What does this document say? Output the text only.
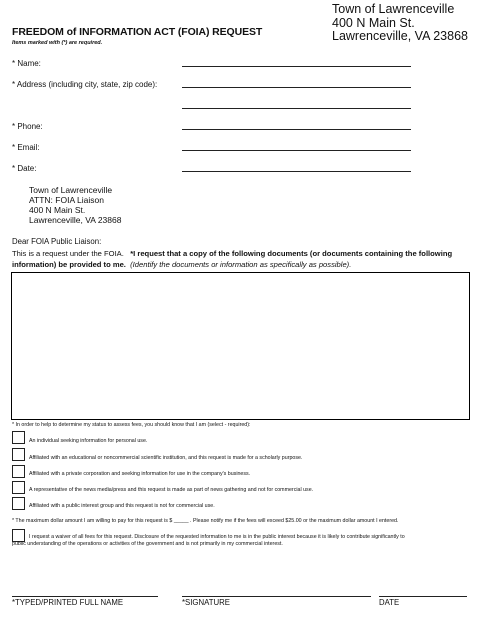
FREEDOM of INFORMATION ACT (FOIA) REQUEST
Items marked with (*) are required.
Town of Lawrenceville
400 N Main St.
Lawrenceville, VA 23868
* Name:
* Address (including city, state, zip code):
* Phone:
* Email:
* Date:
Town of Lawrenceville
ATTN: FOIA Liaison
400 N Main St.
Lawrenceville, VA 23868
Dear FOIA Public Liaison:
This is a request under the FOIA. *I request that a copy of the following documents (or documents containing the following information) be provided to me. (Identify the documents or information as specifically as possible).
* In order to help to determine my status to assess fees, you should know that I am (select - required):
An individual seeking information for personal use.
Affiliated with an educational or noncommercial scientific institution, and this request is made for a scholarly purpose.
Affiliated with a private corporation and seeking information for use in the company's business.
A representative of the news media/press and this request is made as part of news gathering and not for commercial use.
Affiliated with a public interest group and this request is not for commercial use.
* The maximum dollar amount I am willing to pay for this request is $ _____ . Please notify me if the fees will exceed $25.00 or the maximum dollar amount I entered.
I request a waiver of all fees for this request. Disclosure of the requested information to me is in the public interest because it is likely to contribute significantly to
public understanding of the operations or activities of the government and is not primarily in my commercial interest.
*TYPED/PRINTED FULL NAME	*SIGNATURE	DATE
